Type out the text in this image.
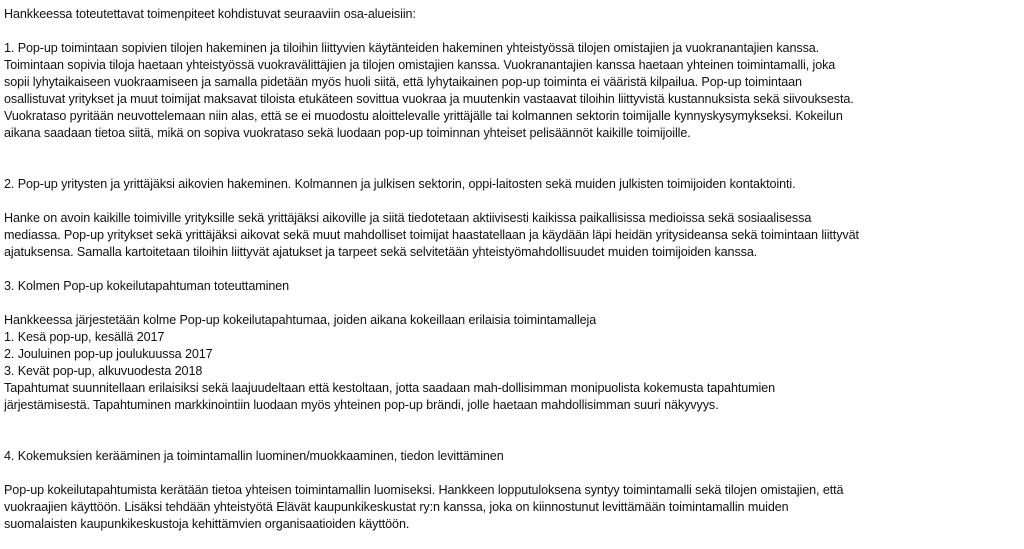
Hankkeessa toteutettavat toimenpiteet kohdistuvat seuraaviin osa-alueisiin:
1. Pop-up toimintaan sopivien tilojen hakeminen ja tiloihin liittyvien käytänteiden hakeminen yhteistyössä tilojen omistajien ja vuokranantajien kanssa.
Toimintaan sopivia tiloja haetaan yhteistyössä vuokravälittäjien ja tilojen omistajien kanssa. Vuokranantajien kanssa haetaan yhteinen toimintamalli, joka
sopii lyhytaikaiseen vuokraamiseen ja samalla pidetään myös huoli siitä, että lyhytaikainen pop-up toiminta ei vääristä kilpailua. Pop-up toimintaan
osallistuvat yritykset ja muut toimijat maksavat tiloista etukäteen sovittua vuokraa ja muutenkin vastaavat tiloihin liittyvistä kustannuksista sekä siivouksesta.
Vuokrataso pyritään neuvottelemaan niin alas, että se ei muodostu aloittelevalle yrittäjälle tai kolmannen sektorin toimijalle kynnyskysymykseksi. Kokeilun
aikana saadaan tietoa siitä, mikä on sopiva vuokrataso sekä luodaan pop-up toiminnan yhteiset pelisäännöt kaikille toimijoille.
2. Pop-up yritysten ja yrittäjäksi aikovien hakeminen. Kolmannen ja julkisen sektorin, oppi-laitosten sekä muiden julkisten toimijoiden kontaktointi.
Hanke on avoin kaikille toimiville yrityksille sekä yrittäjäksi aikoville ja siitä tiedotetaan aktiivisesti kaikissa paikallisissa medioissa sekä sosiaalisessa
mediassa. Pop-up yritykset sekä yrittäjäksi aikovat sekä muut mahdolliset toimijat haastatellaan ja käydään läpi heidän yritysideansa sekä toimintaan liittyvät
ajatuksensa. Samalla kartoitetaan tiloihin liittyvät ajatukset ja tarpeet sekä selvitetään yhteistyömahdollisuudet muiden toimijoiden kanssa.
3. Kolmen Pop-up kokeilutapahtuman toteuttaminen
Hankkeessa järjestetään kolme Pop-up kokeilutapahtumaa, joiden aikana kokeillaan erilaisia toimintamalleja
1. Kesä pop-up, kesällä 2017
2. Jouluinen pop-up joulukuussa 2017
3. Kevät pop-up, alkuvuodesta 2018
Tapahtumat suunnitellaan erilaisiksi sekä laajuudeltaan että kestoltaan, jotta saadaan mah-dollisimman monipuolista kokemusta tapahtumien
järjestämisestä. Tapahtuminen markkinointiin luodaan myös yhteinen pop-up brändi, jolle haetaan mahdollisimman suuri näkyvyys.
4. Kokemuksien kerääminen ja toimintamallin luominen/muokkaaminen, tiedon levittäminen
Pop-up kokeilutapahtumista kerätään tietoa yhteisen toimintamallin luomiseksi. Hankkeen lopputuloksena syntyy toimintamalli sekä tilojen omistajien, että
vuokraajien käyttöön. Lisäksi tehdään yhteistyötä Elävät kaupunkikeskustat ry:n kanssa, joka on kiinnostunut levittämään toimintamallin muiden
suomalaisten kaupunkikeskustoja kehittämvien organisaatioiden käyttöön.
